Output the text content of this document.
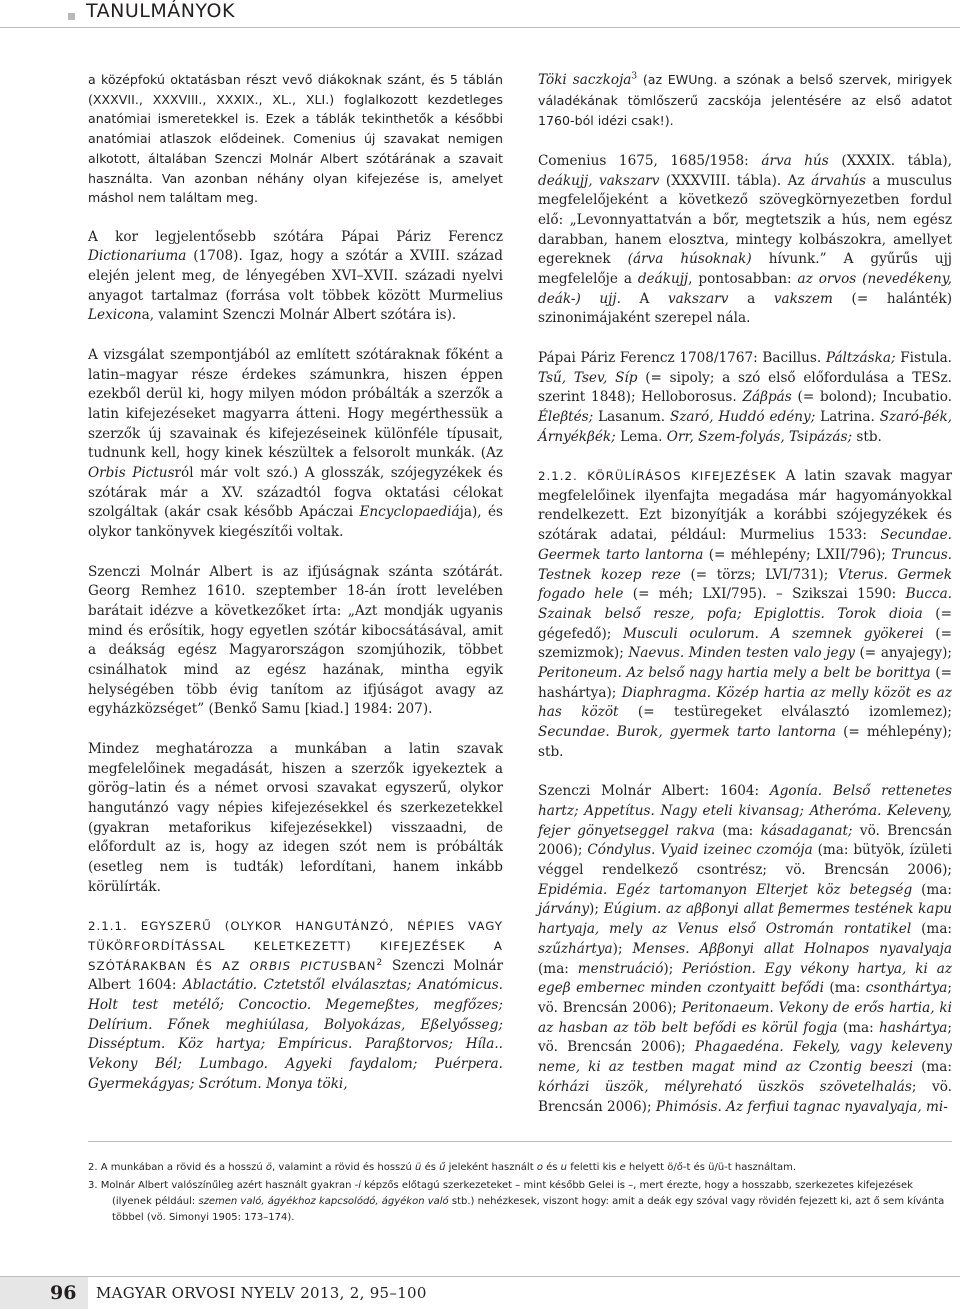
TANULMÁNYOK

a középfokú oktatásban részt vevő diákoknak szánt, és 5 táblán (XXXVII., XXXVIII., XXXIX., XL., XLI.) foglalkozott kezdetleges anatómiai ismeretekkel is. Ezek a táblák tekinthetők a későbbi anatómiai atlaszok elődeinek. Comenius új szavakat nemigen alkotott, általában Szenczi Molnár Albert szótárának a szavait használta. Van azonban néhány olyan kifejezése is, amelyet máshol nem találtam meg.

A kor legjelentősebb szótára Pápai Páriz Ferencz Dictionariuma (1708). Igaz, hogy a szótár a XVIII. század elején jelent meg, de lényegében XVI–XVII. századi nyelvi anyagot tartalmaz (forrása volt többek között Murmelius Lexicona, valamint Szenczi Molnár Albert szótára is).

A vizsgálat szempontjából az említett szótáraknak főként a latin–magyar része érdekes számunkra, hiszen éppen ezekből derül ki, hogy milyen módon próbálták a szerzők a latin kifejezéseket magyarra átteni. Hogy megérthessük a szerzők új szavainak és kifejezéseinek különféle típusait, tudnunk kell, hogy kinek készültek a felsorolt munkák. (Az Orbis Pictusról már volt szó.) A glosszák, szójegyzékek és szótárak már a XV. századtól fogva oktatási célokat szolgáltak (akár csak később Apáczai Encyclopaediája), és olykor tankönyvek kiegészítői voltak.

Szenczi Molnár Albert is az ifjúságnak szánta szótárát. Georg Remhez 1610. szeptember 18-án írott levelében barátait idézve a következőket írta: „Azt mondják ugyanis mind és erősítik, hogy egyetlen szótár kibocsátásával, amit a deákság egész Magyarországon szomjúhozik, többet csinálhatok mind az egész hazának, mintha egyik helységében több évig tanítom az ifjúságot avagy az egyházközséget” (Benkő Samu [kiad.] 1984: 207).

Mindez meghatározza a munkában a latin szavak megfelelőinek megadását, hiszen a szerzők igyekeztek a görög–latin és a német orvosi szavakat egyszerű, olykor hangutánzó vagy népies kifejezésekkel és szerkezetekkel (gyakran metaforikus kifejezésekkel) visszaadni, de előfordult az is, hogy az idegen szót nem is próbálták (esetleg nem is tudták) lefordítani, hanem inkább körülírták.

2.1.1. EGYSZERŰ (OLYKOR HANGUTÁNZÓ, NÉPIES VAGY TÜKÖRFORDÍTÁSSAL KELETKEZETT) KIFEJEZÉSEK A SZÓTÁRAKBAN ÉS AZ ORBIS PICTUSBAN$^2$ Szenczi Molnár Albert 1604: Ablactátio. Cztetstől elválasztas; Anatómicus. Holt test metélő; Concoctio. Megemeßtes, megfőzes; Delírium. Főnek meghiúlasa, Bolyokázas, Eßelyősseg; Disséptum. Köz hartya; Empíricus. Paraßtorvos; Híla.. Vekony Bél; Lumbago. Agyeki faydalom; Puérpera. Gyermekágyas; Scrótum. Monya töki,

Töki saczkoja$^3$ (az EWUng. a szónak a belső szervek, mirigyek váladékának tömlőszerű zacskója jelentésére az első adatot 1760-ból idézi csak!).

Comenius 1675, 1685/1958: árva hús (XXXIX. tábla), deákujj, vakszarv (XXXVIII. tábla). Az árvahús a musculus megfelelőjeként a következő szövegkörnyezetben fordul elő: „Levonnyattatván a bőr, megtetszik a hús, nem egész darabban, hanem elosztva, mintegy kolbászokra, amellyet egereknek (árva húsoknak) hívunk.” A gyűrűs ujj megfelelője a deákujj, pontosabban: az orvos (nevedékeny, deák-) ujj. A vakszarv a vakszem (= halánték) szinonimájaként szerepel nála.

Pápai Páriz Ferencz 1708/1767: Bacillus. Páltzáska; Fistula. Tsű, Tsev, Síp (= sipoly; a szó első előfordulása a TESz. szerint 1848); Helloborosus. Záβpás (= bolond); Incubatio. Éleβtés; Lasanum. Szaró, Huddó edény; Latrina. Szaró-βék, Árnyékβék; Lema. Orr, Szem-folyás, Tsipázás; stb.

2.1.2. KÖRÜLÍRÁSOS KIFEJEZÉSEK A latin szavak magyar megfelelőinek ilyenfajta megadása már hagyományokkal rendelkezett. Ezt bizonyítják a korábbi szójegyzékek és szótárak adatai, például: Murmelius 1533: Secundae. Geermek tarto lantorna (= méhlepény; LXII/796); Truncus. Testnek kozep reze (= törzs; LVI/731); Vterus. Germek fogado hele (= méh; LXI/795). – Szikszai 1590: Bucca. Szainak belső resze, pofa; Epiglottis. Torok dioia (= gégefedő); Musculi oculorum. A szemnek gyökerei (= szemizmok); Naevus. Minden testen valo jegy (= anyajegy); Peritoneum. Az belső nagy hartia mely a belt be borittya (= hashártya); Diaphragma. Közép hartia az melly közöt es az has közöt (= testüregeket elválasztó izomlemez); Secundae. Burok, gyermek tarto lantorna (= méhlepény); stb.

Szenczi Molnár Albert: 1604: Agonía. Belső rettenetes hartz; Appetítus. Nagy eteli kivansag; Atheróma. Keleveny, fejer gönyetseggel rakva (ma: kásadaganat; vö. Brencsán 2006); Cóndylus. Vyaid izeinec czomója (ma: bütyök, ízületi véggel rendelkező csontrész; vö. Brencsán 2006); Epidémia. Egéz tartomanyon Elterjet köz betegség (ma: járvány); Eúgium. az aββonyi allat βemermes testének kapu hartyaja, mely az Venus első Ostromán rontatikel (ma: szűzhártya); Menses. Aββonyi allat Holnapos nyavalyaja (ma: menstruáció); Perióstion. Egy vékony hartya, ki az egeβ embernec minden czontyaitt befődi (ma: csonthártya; vö. Brencsán 2006); Peritonaeum. Vekony de erős hartia, ki az hasban az töb belt befődi es körül fogja (ma: hashártya; vö. Brencsán 2006); Phagaedéna. Fekely, vagy keleveny neme, ki az testben magat mind az Czontig beeszi (ma: kórházi üszök, mélyreható üszkös szövetelhalás; vö. Brencsán 2006); Phimósis. Az ferfiui tagnac nyavalyaja, mi-

2. A munkában a rövid és a hosszú ö, valamint a rövid és hosszú ü és ű jeleként használt o és u feletti kis e helyett ö/ő-t és ü/ü-t használtam.

3. Molnár Albert valószínűleg azért használt gyakran -i képzős előtagú szerkezeteket – mint később Gelei is –, mert érezte, hogy a hosszabb, szerkezetes kifejezések (ilyenek például: szemen való, ágyékhoz kapcsolódó, ágyékon való stb.) nehézkesek, viszont hogy: amit a deák egy szóval vagy rövidén fejezett ki, azt ő sem kívánta többel (vö. Simonyi 1905: 173–174).

96 MAGYAR ORVOSI NYELV 2013, 2, 95–100
